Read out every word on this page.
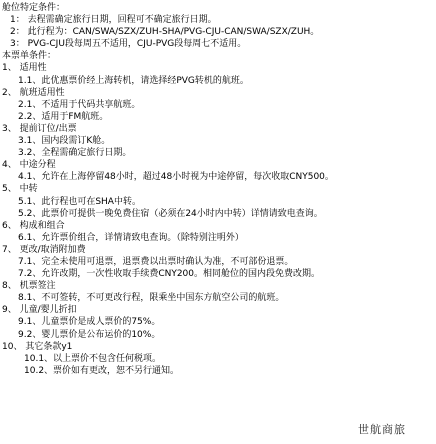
舱位特定条件：
1： 去程需确定旅行日期，回程可不确定旅行日期。
2： 此行程为：CAN/SWA/SZX/ZUH-SHA/PVG-CJU-CAN/SWA/SZX/ZUH。
3： PVG-CJU段每周五不适用，CJU-PVG段每周七不适用。
本票单条件：
1、 适用性
1.1、此优惠票价经上海转机，请选择经PVG转机的航班。
2、 航班适用性
2.1、不适用于代码共享航班。
2.2、适用于FM航班。
3、 提前订位/出票
3.1、国内段需订K舱。
3.2、全程需确定旅行日期。
4、 中途分程
4.1、允许在上海停留48小时，超过48小时视为中途停留，每次收取CNY500。
5、 中转
5.1、此行程也可在SHA中转。
5.2、此票价可提供一晚免费住宿（必须在24小时内中转）详情请致电查询。
6、 构成和组合
6.1、允许票价组合，详情请致电查询。（除特别注明外）
7、 更改/取消附加费
7.1、完全未使用可退票，退票费以出票时确认为准，不可部份退票。
7.2、允许改期，一次性收取手续费CNY200。相同舱位的国内段免费改期。
8、 机票签注
8.1、不可签转，不可更改行程，限乘坐中国东方航空公司的航班。
9、 儿童/婴儿折扣
9.1、儿童票价是成人票价的75%。
9.2、婴儿票价是公布运价的10%。
10、 其它条款y1
10.1、以上票价不包含任何税项。
10.2、票价如有更改，恕不另行通知。
世航商旅
